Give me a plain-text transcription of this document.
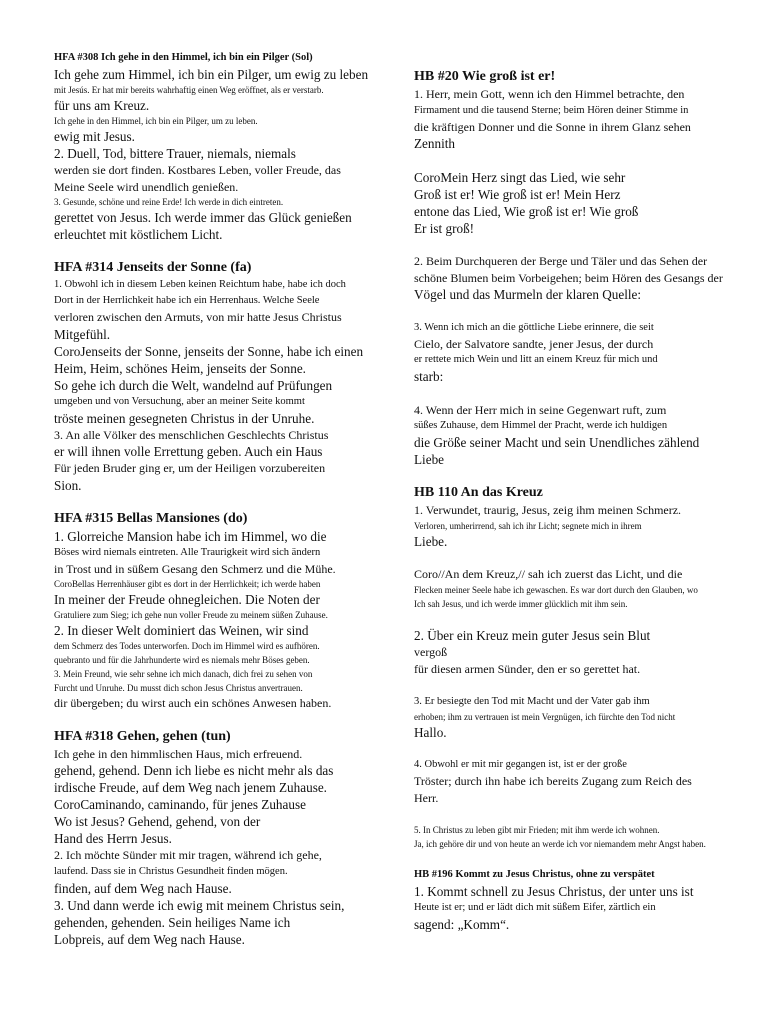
HFA #308 Ich gehe in den Himmel, ich bin ein Pilger (Sol)
Ich gehe zum Himmel, ich bin ein Pilger, um ewig zu leben
mit Jesús. Er hat mir bereits wahrhaftig einen Weg eröffnet, als er verstarb.
für uns am Kreuz.
Ich gehe in den Himmel, ich bin ein Pilger, um zu leben.
ewig mit Jesus.
2. Duell, Tod, bittere Trauer, niemals, niemals
werden sie dort finden. Kostbares Leben, voller Freude, das
Meine Seele wird unendlich genießen.
3. Gesunde, schöne und reine Erde! Ich werde in dich eintreten.
gerettet von Jesus. Ich werde immer das Glück genießen
erleuchtet mit köstlichem Licht.
HFA #314 Jenseits der Sonne (fa)
1. Obwohl ich in diesem Leben keinen Reichtum habe, habe ich doch
Dort in der Herrlichkeit habe ich ein Herrenhaus. Welche Seele
verloren zwischen den Armuts, von mir hatte Jesus Christus
Mitgefühl.
CoroJenseits der Sonne, jenseits der Sonne, habe ich einen
Heim, Heim, schönes Heim, jenseits der Sonne.
So gehe ich durch die Welt, wandelnd auf Prüfungen
umgeben und von Versuchung, aber an meiner Seite kommt
tröste meinen gesegneten Christus in der Unruhe.
3. An alle Völker des menschlichen Geschlechts Christus
er will ihnen volle Errettung geben. Auch ein Haus
Für jeden Bruder ging er, um der Heiligen vorzubereiten
Sion.
HFA #315 Bellas Mansiones (do)
1. Glorreiche Mansion habe ich im Himmel, wo die
Böses wird niemals eintreten. Alle Traurigkeit wird sich ändern
in Trost und in süßem Gesang den Schmerz und die Mühe.
CoroBellas Herrenhäuser gibt es dort in der Herrlichkeit; ich werde haben
In meiner der Freude ohnegleichen. Die Noten der
Gratuliere zum Sieg; ich gehe nun voller Freude zu meinem süßen Zuhause.
2. In dieser Welt dominiert das Weinen, wir sind
dem Schmerz des Todes unterworfen. Doch im Himmel wird es aufhören.
quebranto und für die Jahrhunderte wird es niemals mehr Böses geben.
3. Mein Freund, wie sehr sehne ich mich danach, dich frei zu sehen von
Furcht und Unruhe. Du musst dich schon Jesus Christus anvertrauen.
dir übergeben; du wirst auch ein schönes Anwesen haben.
HFA #318 Gehen, gehen (tun)
Ich gehe in den himmlischen Haus, mich erfreuend.
gehend, gehend. Denn ich liebe es nicht mehr als das
irdische Freude, auf dem Weg nach jenem Zuhause.
CoroCaminando, caminando, für jenes Zuhause
Wo ist Jesus? Gehend, gehend, von der
Hand des Herrn Jesus.
2. Ich möchte Sünder mit mir tragen, während ich gehe,
laufend. Dass sie in Christus Gesundheit finden mögen.
finden, auf dem Weg nach Hause.
3. Und dann werde ich ewig mit meinem Christus sein,
gehenden, gehenden. Sein heiliges Name ich
Lobpreis, auf dem Weg nach Hause.
HB #20 Wie groß ist er!
1. Herr, mein Gott, wenn ich den Himmel betrachte, den
Firmament und die tausend Sterne; beim Hören deiner Stimme in
die kräftigen Donner und die Sonne in ihrem Glanz sehen
Zennith

CoroMein Herz singt das Lied, wie sehr
Groß ist er! Wie groß ist er! Mein Herz
entone das Lied, Wie groß ist er! Wie groß
Er ist groß!

2. Beim Durchqueren der Berge und Täler und das Sehen der
schöne Blumen beim Vorbeigehen; beim Hören des Gesangs der
Vögel und das Murmeln der klaren Quelle:

3. Wenn ich mich an die göttliche Liebe erinnere, die seit
Cielo, der Salvatore sandte, jener Jesus, der durch
er rettete mich Wein und litt an einem Kreuz für mich und
starb:

4. Wenn der Herr mich in seine Gegenwart ruft, zum
süßes Zuhause, dem Himmel der Pracht, werde ich huldigen
die Größe seiner Macht und sein Unendliches zählend
Liebe
HB 110 An das Kreuz
1. Verwundet, traurig, Jesus, zeig ihm meinen Schmerz.
Verloren, umherirrend, sah ich ihr Licht; segnete mich in ihrem
Liebe.

Coro//An dem Kreuz,// sah ich zuerst das Licht, und die
Flecken meiner Seele habe ich gewaschen. Es war dort durch den Glauben, wo
Ich sah Jesus, und ich werde immer glücklich mit ihm sein.

2. Über ein Kreuz mein guter Jesus sein Blut
vergoß
für diesen armen Sünder, den er so gerettet hat.

3. Er besiegte den Tod mit Macht und der Vater gab ihm
erhoben; ihm zu vertrauen ist mein Vergnügen, ich fürchte den Tod nicht
Hallo.

4. Obwohl er mit mir gegangen ist, ist er der große
Tröster; durch ihn habe ich bereits Zugang zum Reich des
Herr.

5. In Christus zu leben gibt mir Frieden; mit ihm werde ich wohnen.
Ja, ich gehöre dir und von heute an werde ich vor niemandem mehr Angst haben.
HB #196 Kommt zu Jesus Christus, ohne zu verspätet
1. Kommt schnell zu Jesus Christus, der unter uns ist
Heute ist er; und er lädt dich mit süßem Eifer, zärtlich ein
sagend: „Komm“.
